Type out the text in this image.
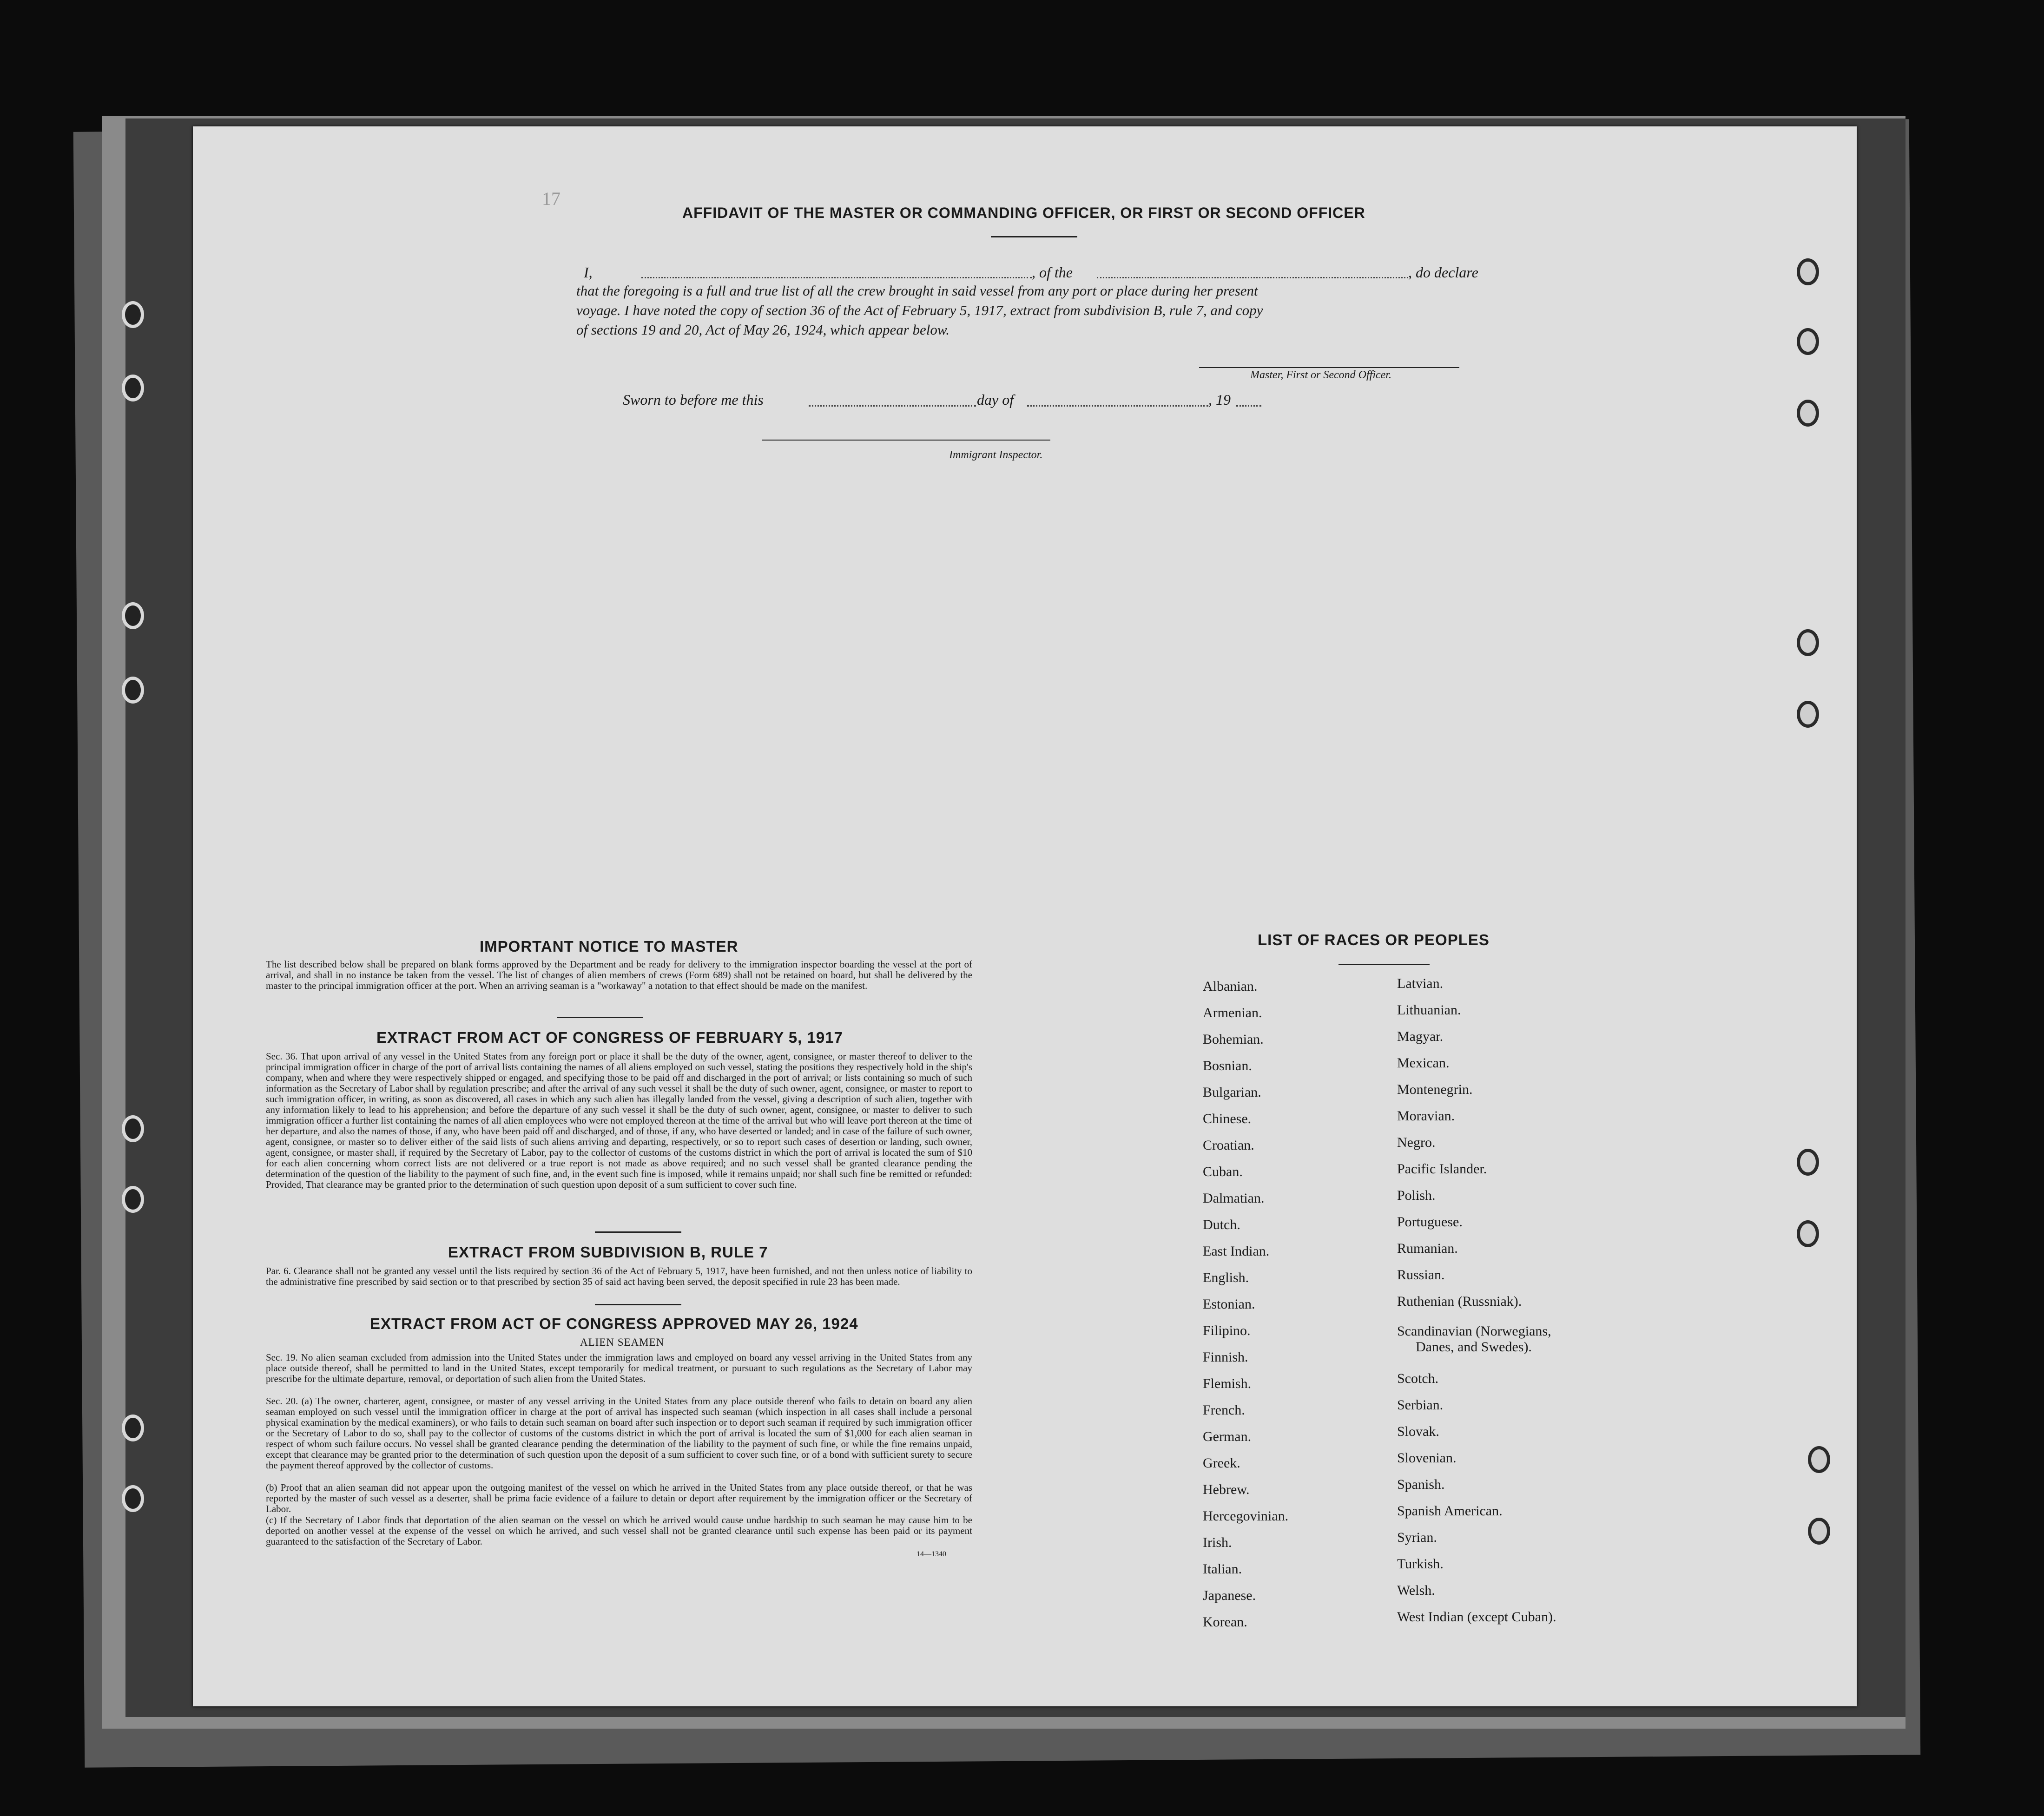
17
AFFIDAVIT OF THE MASTER OR COMMANDING OFFICER, OR FIRST OR SECOND OFFICER
I,	, of the	, do declare
that the foregoing is a full and true list of all the crew brought in said vessel from any port or place during her present
voyage. I have noted the copy of section 36 of the Act of February 5, 1917, extract from subdivision B, rule 7, and copy
of sections 19 and 20, Act of May 26, 1924, which appear below.
Master, First or Second Officer.
Sworn to before me this	day of	, 19
Immigrant Inspector.
IMPORTANT NOTICE TO MASTER
The list described below shall be prepared on blank forms approved by the Department and be ready for delivery to the immigration inspector boarding the vessel at the port of arrival, and shall in no instance be taken from the vessel. The list of changes of alien members of crews (Form 689) shall not be retained on board, but shall be delivered by the master to the principal immigration officer at the port. When an arriving seaman is a "workaway" a notation to that effect should be made on the manifest.
EXTRACT FROM ACT OF CONGRESS OF FEBRUARY 5, 1917
Sec. 36. That upon arrival of any vessel in the United States from any foreign port or place it shall be the duty of the owner, agent, consignee, or master thereof to deliver to the principal immigration officer in charge of the port of arrival lists containing the names of all aliens employed on such vessel, stating the positions they respectively hold in the ship's company, when and where they were respectively shipped or engaged, and specifying those to be paid off and discharged in the port of arrival; or lists containing so much of such information as the Secretary of Labor shall by regulation prescribe; and after the arrival of any such vessel it shall be the duty of such owner, agent, consignee, or master to report to such immigration officer, in writing, as soon as discovered, all cases in which any such alien has illegally landed from the vessel, giving a description of such alien, together with any information likely to lead to his apprehension; and before the departure of any such vessel it shall be the duty of such owner, agent, consignee, or master to deliver to such immigration officer a further list containing the names of all alien employees who were not employed thereon at the time of the arrival but who will leave port thereon at the time of her departure, and also the names of those, if any, who have been paid off and discharged, and of those, if any, who have deserted or landed; and in case of the failure of such owner, agent, consignee, or master so to deliver either of the said lists of such aliens arriving and departing, respectively, or so to report such cases of desertion or landing, such owner, agent, consignee, or master shall, if required by the Secretary of Labor, pay to the collector of customs of the customs district in which the port of arrival is located the sum of $10 for each alien concerning whom correct lists are not delivered or a true report is not made as above required; and no such vessel shall be granted clearance pending the determination of the question of the liability to the payment of such fine, and, in the event such fine is imposed, while it remains unpaid; nor shall such fine be remitted or refunded: Provided, That clearance may be granted prior to the determination of such question upon deposit of a sum sufficient to cover such fine.
EXTRACT FROM SUBDIVISION B, RULE 7
Par. 6. Clearance shall not be granted any vessel until the lists required by section 36 of the Act of February 5, 1917, have been furnished, and not then unless notice of liability to the administrative fine prescribed by said section or to that prescribed by section 35 of said act having been served, the deposit specified in rule 23 has been made.
EXTRACT FROM ACT OF CONGRESS APPROVED MAY 26, 1924
ALIEN SEAMEN
Sec. 19. No alien seaman excluded from admission into the United States under the immigration laws and employed on board any vessel arriving in the United States from any place outside thereof, shall be permitted to land in the United States, except temporarily for medical treatment, or pursuant to such regulations as the Secretary of Labor may prescribe for the ultimate departure, removal, or deportation of such alien from the United States.
Sec. 20. (a) The owner, charterer, agent, consignee, or master of any vessel arriving in the United States from any place outside thereof who fails to detain on board any alien seaman employed on such vessel until the immigration officer in charge at the port of arrival has inspected such seaman (which inspection in all cases shall include a personal physical examination by the medical examiners), or who fails to detain such seaman on board after such inspection or to deport such seaman if required by such immigration officer or the Secretary of Labor to do so, shall pay to the collector of customs of the customs district in which the port of arrival is located the sum of $1,000 for each alien seaman in respect of whom such failure occurs. No vessel shall be granted clearance pending the determination of the liability to the payment of such fine, or while the fine remains unpaid, except that clearance may be granted prior to the determination of such question upon the deposit of a sum sufficient to cover such fine, or of a bond with sufficient surety to secure the payment thereof approved by the collector of customs.
(b) Proof that an alien seaman did not appear upon the outgoing manifest of the vessel on which he arrived in the United States from any place outside thereof, or that he was reported by the master of such vessel as a deserter, shall be prima facie evidence of a failure to detain or deport after requirement by the immigration officer or the Secretary of Labor.
(c) If the Secretary of Labor finds that deportation of the alien seaman on the vessel on which he arrived would cause undue hardship to such seaman he may cause him to be deported on another vessel at the expense of the vessel on which he arrived, and such vessel shall not be granted clearance until such expense has been paid or its payment guaranteed to the satisfaction of the Secretary of Labor.
14—1340
LIST OF RACES OR PEOPLES
Albanian.
Armenian.
Bohemian.
Bosnian.
Bulgarian.
Chinese.
Croatian.
Cuban.
Dalmatian.
Dutch.
East Indian.
English.
Estonian.
Filipino.
Finnish.
Flemish.
French.
German.
Greek.
Hebrew.
Hercegovinian.
Irish.
Italian.
Japanese.
Korean.
Latvian.
Lithuanian.
Magyar.
Mexican.
Montenegrin.
Moravian.
Negro.
Pacific Islander.
Polish.
Portuguese.
Rumanian.
Russian.
Ruthenian (Russniak).
Scandinavian (Norwegians,
Danes, and Swedes).
Scotch.
Serbian.
Slovak.
Slovenian.
Spanish.
Spanish American.
Syrian.
Turkish.
Welsh.
West Indian (except Cuban).
